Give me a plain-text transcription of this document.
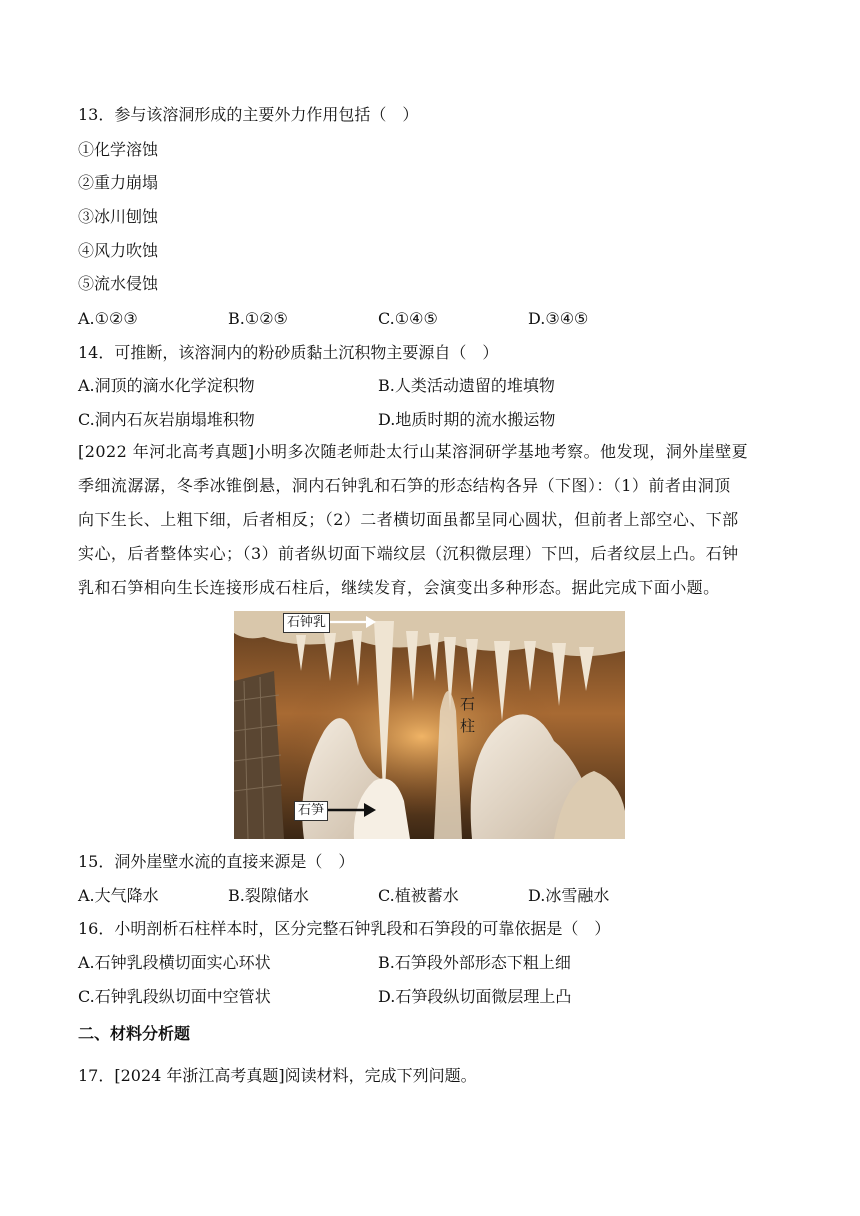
13．参与该溶洞形成的主要外力作用包括（　）
①化学溶蚀
②重力崩塌
③冰川刨蚀
④风力吹蚀
⑤流水侵蚀
A.①②③	B.①②⑤	C.①④⑤	D.③④⑤
14．可推断，该溶洞内的粉砂质黏土沉积物主要源自（　）
A.洞顶的滴水化学淀积物	B.人类活动遗留的堆填物
C.洞内石灰岩崩塌堆积物	D.地质时期的流水搬运物
[2022 年河北高考真题]小明多次随老师赴太行山某溶洞研学基地考察。他发现，洞外崖壁夏
季细流潺潺，冬季冰锥倒悬，洞内石钟乳和石笋的形态结构各异（下图）：（1）前者由洞顶
向下生长、上粗下细，后者相反；（2）二者横切面虽都呈同心圆状，但前者上部空心、下部
实心，后者整体实心；（3）前者纵切面下端纹层（沉积微层理）下凹，后者纹层上凸。石钟
乳和石笋相向生长连接形成石柱后，继续发育，会演变出多种形态。据此完成下面小题。
石钟乳
石柱
石笋
15．洞外崖壁水流的直接来源是（　）
A.大气降水	B.裂隙储水	C.植被蓄水	D.冰雪融水
16．小明剖析石柱样本时，区分完整石钟乳段和石笋段的可靠依据是（　）
A.石钟乳段横切面实心环状	B.石笋段外部形态下粗上细
C.石钟乳段纵切面中空管状	D.石笋段纵切面微层理上凸
二、材料分析题
17．[2024 年浙江高考真题]阅读材料，完成下列问题。
